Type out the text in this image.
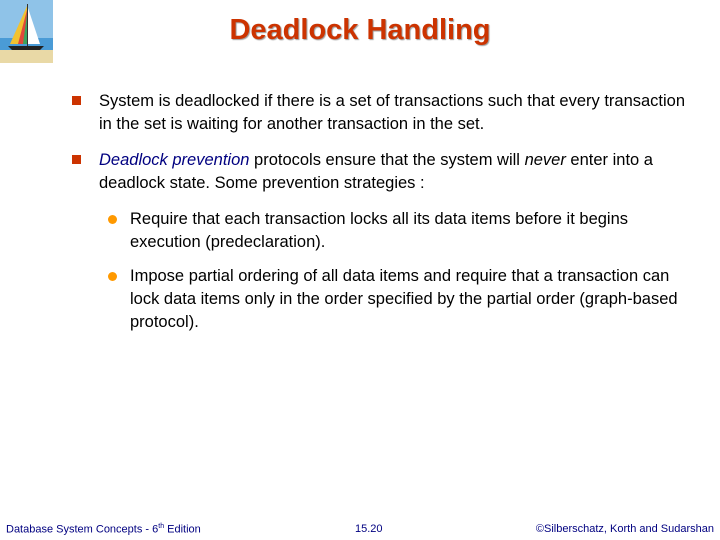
Deadlock Handling
System is deadlocked if there is a set of transactions such that every transaction in the set is waiting for another transaction in the set.
Deadlock prevention protocols ensure that the system will never enter into a deadlock state. Some prevention strategies :
Require that each transaction locks all its data items before it begins execution (predeclaration).
Impose partial ordering of all data items and require that a transaction can lock data items only in the order specified by the partial order (graph-based protocol).
Database System Concepts - 6th Edition	15.20	©Silberschatz, Korth and Sudarshan
